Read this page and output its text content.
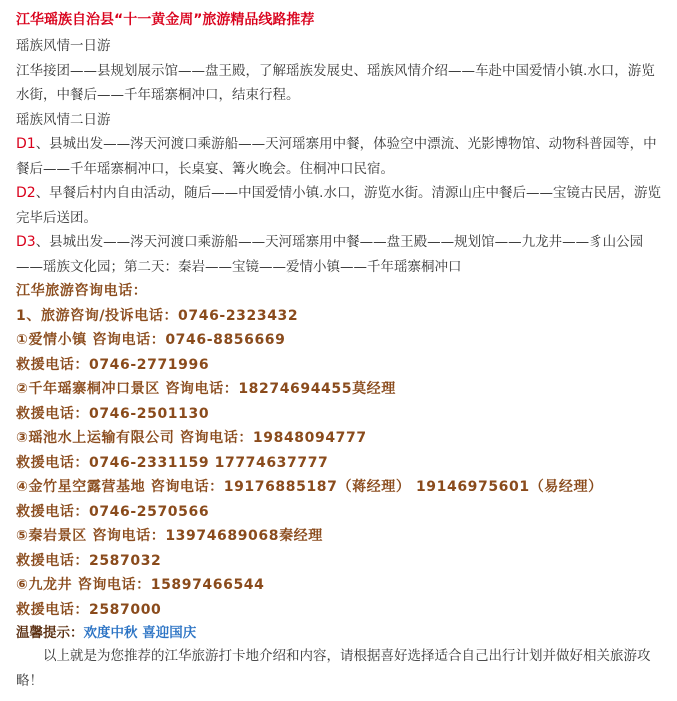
江华瑶族自治县“十一黄金周”旅游精品线路推荐

瑶族风情一日游

江华接团——县规划展示馆——盘王殿，了解瑶族发展史、瑶族风情介绍——车赴中国爱情小镇.水口，游览水街，中餐后——千年瑶寨桐冲口，结束行程。

瑶族风情二日游

D1、县城出发——涔天河渡口乘游船——天河瑶寨用中餐，体验空中漂流、光影博物馆、动物科普园等，中餐后——千年瑶寨桐冲口，长桌宴、篝火晚会。住桐冲口民宿。

D2、早餐后村内自由活动，随后——中国爱情小镇.水口，游览水街。清源山庄中餐后——宝镜古民居，游览完毕后送团。

D3、县城出发——涔天河渡口乘游船——天河瑶寨用中餐——盘王殿——规划馆——九龙井——豸山公园——瑶族文化园；第二天：秦岩——宝镜——爱情小镇——千年瑶寨桐冲口

江华旅游咨询电话：

1、旅游咨询/投诉电话：0746-2323432

①爱情小镇 咨询电话：0746-8856669

救援电话：0746-2771996

②千年瑶寨桐冲口景区 咨询电话：18274694455莫经理

救援电话：0746-2501130

③瑶池水上运输有限公司 咨询电话：19848094777

救援电话：0746-2331159 17774637777

④金竹星空露营基地 咨询电话：19176885187（蒋经理） 19146975601（易经理）

救援电话：0746-2570566

⑤秦岩景区 咨询电话：13974689068秦经理

救援电话：2587032

⑥九龙井 咨询电话：15897466544

救援电话：2587000

温馨提示：欢度中秋 喜迎国庆

以上就是为您推荐的江华旅游打卡地介绍和内容，请根据喜好选择适合自己出行计划并做好相关旅游攻略！
